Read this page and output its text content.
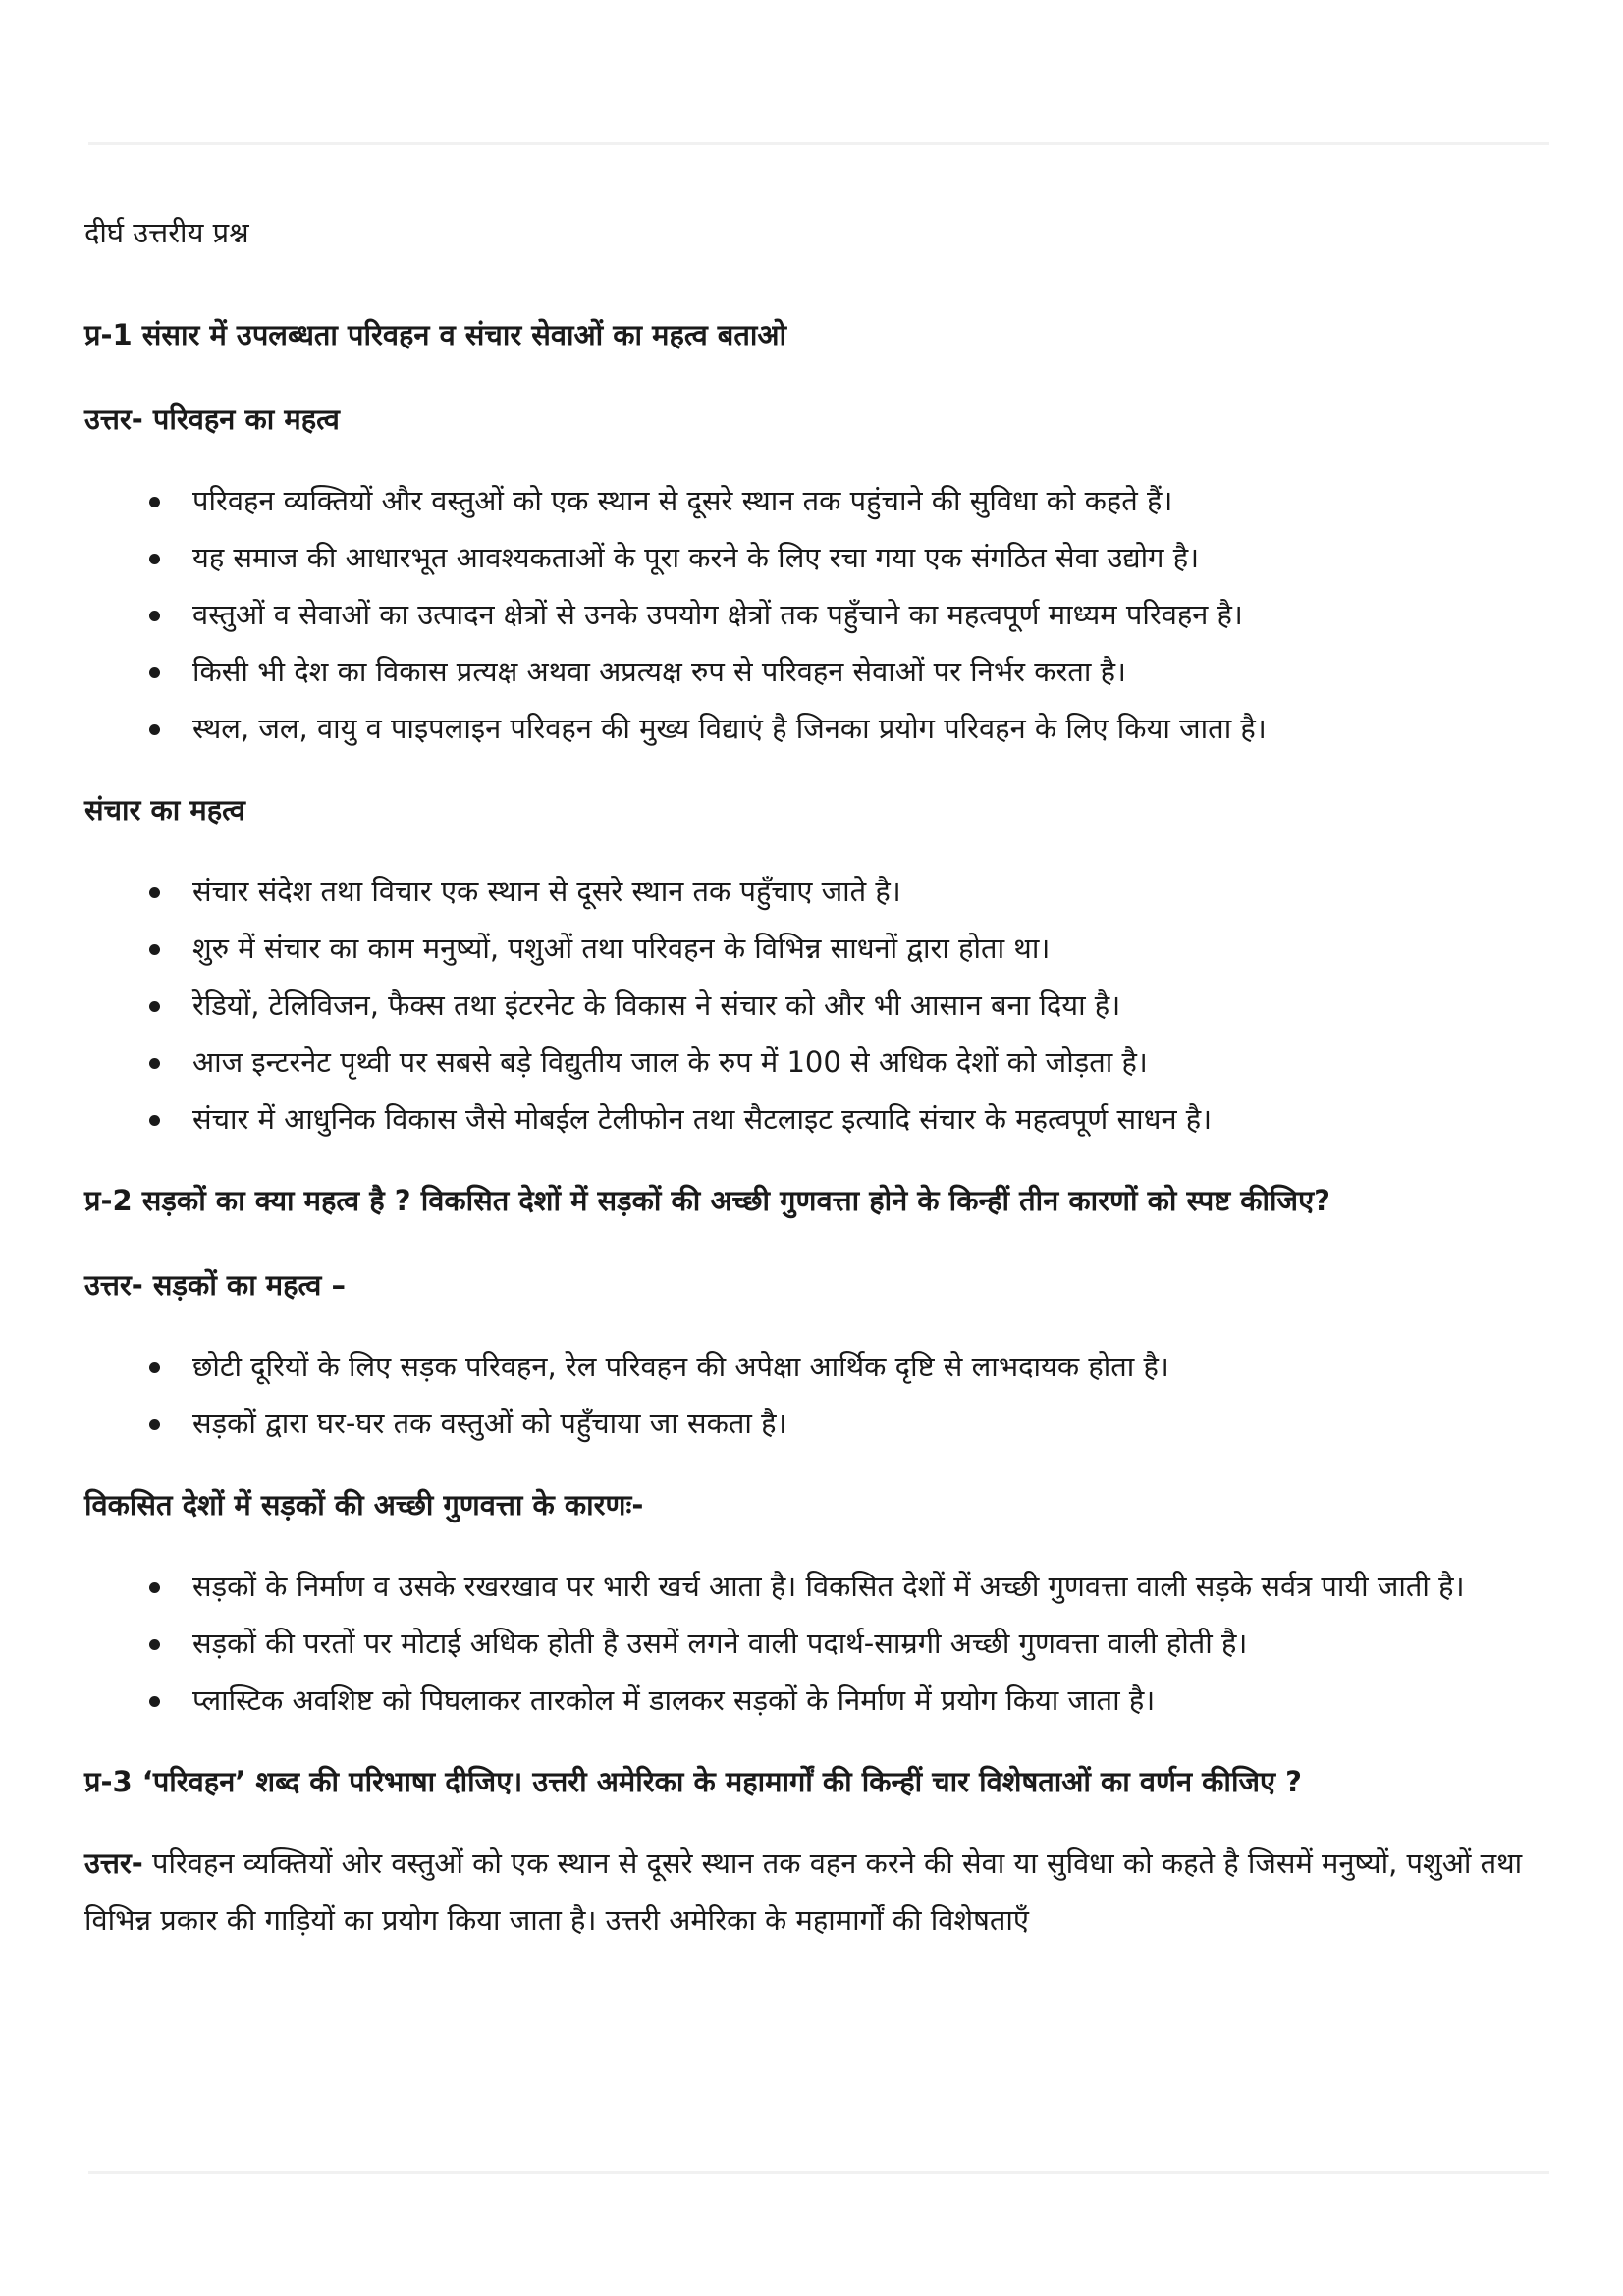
दीर्घ उत्तरीय प्रश्न
प्र-1 संसार में उपलब्धता परिवहन व संचार सेवाओं का महत्व बताओ
उत्तर- परिवहन का महत्व
परिवहन व्यक्तियों और वस्तुओं को एक स्थान से दूसरे स्थान तक पहुंचाने की सुविधा को कहते हैं।
यह समाज की आधारभूत आवश्यकताओं के पूरा करने के लिए रचा गया एक संगठित सेवा उद्योग है।
वस्तुओं व सेवाओं का उत्पादन क्षेत्रों से उनके उपयोग क्षेत्रों तक पहुँचाने का महत्वपूर्ण माध्यम परिवहन है।
किसी भी देश का विकास प्रत्यक्ष अथवा अप्रत्यक्ष रुप से परिवहन सेवाओं पर निर्भर करता है।
स्थल, जल, वायु व पाइपलाइन परिवहन की मुख्य विद्याएं है जिनका प्रयोग परिवहन के लिए किया जाता है।
संचार का महत्व
संचार संदेश तथा विचार एक स्थान से दूसरे स्थान तक पहुँचाए जाते है।
शुरु में संचार का काम मनुष्यों, पशुओं तथा परिवहन के विभिन्न साधनों द्वारा होता था।
रेडियों, टेलिविजन, फैक्स तथा इंटरनेट के विकास ने संचार को और भी आसान बना दिया है।
आज इन्टरनेट पृथ्वी पर सबसे बड़े विद्युतीय जाल के रुप में 100 से अधिक देशों को जोड़ता है।
संचार में आधुनिक विकास जैसे मोबईल टेलीफोन तथा सैटलाइट इत्यादि संचार के महत्वपूर्ण साधन है।
प्र-2 सड़कों का क्या महत्व है ? विकसित देशों में सड़कों की अच्छी गुणवत्ता होने के किन्हीं तीन कारणों को स्पष्ट कीजिए?
उत्तर- सड़कों का महत्व –
छोटी दूरियों के लिए सड़क परिवहन, रेल परिवहन की अपेक्षा आर्थिक दृष्टि से लाभदायक होता है।
सड़कों द्वारा घर-घर तक वस्तुओं को पहुँचाया जा सकता है।
विकसित देशों में सड़कों की अच्छी गुणवत्ता के कारणः-
सड़कों के निर्माण व उसके रखरखाव पर भारी खर्च आता है। विकसित देशों में अच्छी गुणवत्ता वाली सड़के सर्वत्र पायी जाती है।
सड़कों की परतों पर मोटाई अधिक होती है उसमें लगने वाली पदार्थ-साम्रगी अच्छी गुणवत्ता वाली होती है।
प्लास्टिक अवशिष्ट को पिघलाकर तारकोल में डालकर सड़कों के निर्माण में प्रयोग किया जाता है।
प्र-3 ‘परिवहन’ शब्द की परिभाषा दीजिए। उत्तरी अमेरिका के महामार्गों की किन्हीं चार विशेषताओं का वर्णन कीजिए ?

उत्तर- परिवहन व्यक्तियों ओर वस्तुओं को एक स्थान से दूसरे स्थान तक वहन करने की सेवा या सुविधा को कहते है जिसमें मनुष्यों, पशुओं तथा विभिन्न प्रकार की गाड़ियों का प्रयोग किया जाता है। उत्तरी अमेरिका के महामार्गों की विशेषताएँ
